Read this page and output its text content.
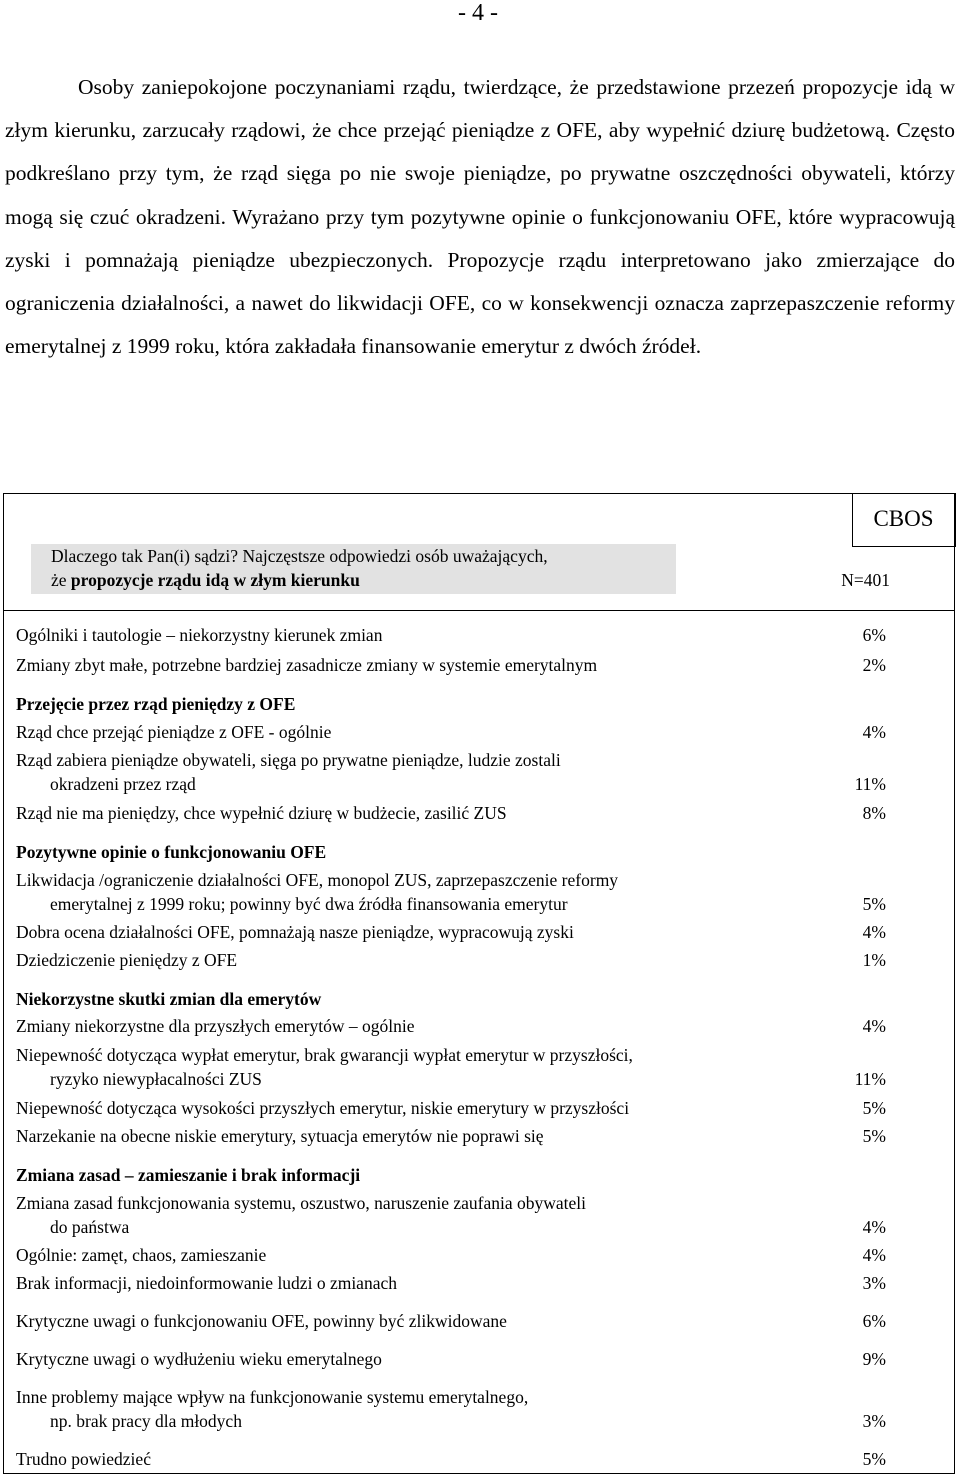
- 4 -

Osoby zaniepokojone poczynaniami rządu, twierdzące, że przedstawione przezeń propozycje idą w złym kierunku, zarzucały rządowi, że chce przejąć pieniądze z OFE, aby wypełnić dziurę budżetową. Często podkreślano przy tym, że rząd sięga po nie swoje pieniądze, po prywatne oszczędności obywateli, którzy mogą się czuć okradzeni. Wyrażano przy tym pozytywne opinie o funkcjonowaniu OFE, które wypracowują zyski i pomnażają pieniądze ubezpieczonych. Propozycje rządu interpretowano jako zmierzające do ograniczenia działalności, a nawet do likwidacji OFE, co w konsekwencji oznacza zaprzepaszczenie reformy emerytalnej z 1999 roku, która zakładała finansowanie emerytur z dwóch źródeł.

CBOS
Dlaczego tak Pan(i) sądzi? Najczęstsze odpowiedzi osób uważających,
że propozycje rządu idą w złym kierunku	N=401
Ogólniki i tautologie – niekorzystny kierunek zmian	6%
Zmiany zbyt małe, potrzebne bardziej zasadnicze zmiany w systemie emerytalnym	2%
Przejęcie przez rząd pieniędzy z OFE
Rząd chce przejąć pieniądze z OFE - ogólnie	4%
Rząd zabiera pieniądze obywateli, sięga po prywatne pieniądze, ludzie zostali
okradzeni przez rząd	11%
Rząd nie ma pieniędzy, chce wypełnić dziurę w budżecie, zasilić ZUS	8%
Pozytywne opinie o funkcjonowaniu OFE
Likwidacja /ograniczenie działalności OFE, monopol ZUS, zaprzepaszczenie reformy
emerytalnej z 1999 roku; powinny być dwa źródła finansowania emerytur	5%
Dobra ocena działalności OFE, pomnażają nasze pieniądze, wypracowują zyski	4%
Dziedziczenie pieniędzy z OFE	1%
Niekorzystne skutki zmian dla emerytów
Zmiany niekorzystne dla przyszłych emerytów – ogólnie	4%
Niepewność dotycząca wypłat emerytur, brak gwarancji wypłat emerytur w przyszłości,
ryzyko niewypłacalności ZUS	11%
Niepewność dotycząca wysokości przyszłych emerytur, niskie emerytury w przyszłości	5%
Narzekanie na obecne niskie emerytury, sytuacja emerytów nie poprawi się	5%
Zmiana zasad – zamieszanie i brak informacji
Zmiana zasad funkcjonowania systemu, oszustwo, naruszenie zaufania obywateli
do państwa	4%
Ogólnie: zamęt, chaos, zamieszanie	4%
Brak informacji, niedoinformowanie ludzi o zmianach	3%
Krytyczne uwagi o funkcjonowaniu OFE, powinny być zlikwidowane	6%
Krytyczne uwagi o wydłużeniu wieku emerytalnego	9%
Inne problemy mające wpływ na funkcjonowanie systemu emerytalnego,
np. brak pracy dla młodych	3%
Trudno powiedzieć	5%
